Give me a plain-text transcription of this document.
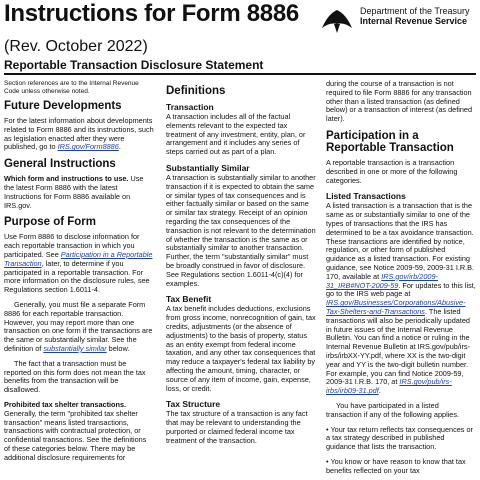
Instructions for Form 8886
(Rev. October 2022)
Reportable Transaction Disclosure Statement
Department of the Treasury
Internal Revenue Service

Section references are to the Internal Revenue Code unless otherwise noted.

Future Developments

For the latest information about developments related to Form 8886 and its instructions, such as legislation enacted after they were published, go to IRS.gov/Form8886.

General Instructions

Which form and instructions to use. Use the latest Form 8886 with the latest Instructions for Form 8886 available on IRS.gov.

Purpose of Form

Use Form 8886 to disclose information for each reportable transaction in which you participated. See Participation in a Reportable Transaction, later, to determine if you participated in a reportable transaction. For more information on the disclosure rules, see Regulations section 1.6011-4.

Generally, you must file a separate Form 8886 for each reportable transaction. However, you may report more than one transaction on one form if the transactions are the same or substantially similar. See the definition of substantially similar below.

The fact that a transaction must be reported on this form does not mean the tax benefits from the transaction will be disallowed.

Prohibited tax shelter transactions. Generally, the term "prohibited tax shelter transaction" means listed transactions, transactions with contractual protection, or confidential transactions. See the definitions of these categories below. There may be additional disclosure requirements for

Definitions
Transaction

A transaction includes all of the factual elements relevant to the expected tax treatment of any investment, entity, plan, or arrangement and it includes any series of steps carried out as part of a plan.

Substantially Similar

A transaction is substantially similar to another transaction if it is expected to obtain the same or similar types of tax consequences and is either factually similar or based on the same or similar tax strategy. Receipt of an opinion regarding the tax consequences of the transaction is not relevant to the determination of whether the transaction is the same as or substantially similar to another transaction. Further, the term "substantially similar" must be broadly construed in favor of disclosure. See Regulations section 1.6011-4(c)(4) for examples.

Tax Benefit

A tax benefit includes deductions, exclusions from gross income, nonrecognition of gain, tax credits, adjustments (or the absence of adjustments) to the basis of property, status as an entity exempt from federal income taxation, and any other tax consequences that may reduce a taxpayer's federal tax liability by affecting the amount, timing, character, or source of any item of income, gain, expense, loss, or credit.

Tax Structure

The tax structure of a transaction is any fact that may be relevant to understanding the purported or claimed federal income tax treatment of the transaction.

during the course of a transaction is not required to file Form 8886 for any transaction other than a listed transaction (as defined below) or a transaction of interest (as defined later).

Participation in a Reportable Transaction

A reportable transaction is a transaction described in one or more of the following categories.

Listed Transactions

A listed transaction is a transaction that is the same as or substantially similar to one of the types of transactions that the IRS has determined to be a tax avoidance transaction. These transactions are identified by notice, regulation, or other form of published guidance as a listed transaction. For existing guidance, see Notice 2009-59, 2009-31 I.R.B. 170, available at IRS.gov/irb/2009-31_IRB#NOT-2009-59. For updates to this list, go to the IRS web page at IRS.gov/Businesses/Corporations/Abusive-Tax-Shelters-and-Transactions. The listed transactions will also be periodically updated in future issues of the Internal Revenue Bulletin. You can find a notice or ruling in the Internal Revenue Bulletin at IRS.gov/pub/irs-irbs/irbXX-YY.pdf, where XX is the two-digit year and YY is the two-digit bulletin number. For example, you can find Notice 2009-59, 2009-31 I.R.B. 170, at IRS.gov/pub/irs-irbs/irb09-31.pdf.

You have participated in a listed transaction if any of the following applies.

• Your tax return reflects tax consequences or a tax strategy described in published guidance that lists the transaction.

• You know or have reason to know that tax benefits reflected on your tax
